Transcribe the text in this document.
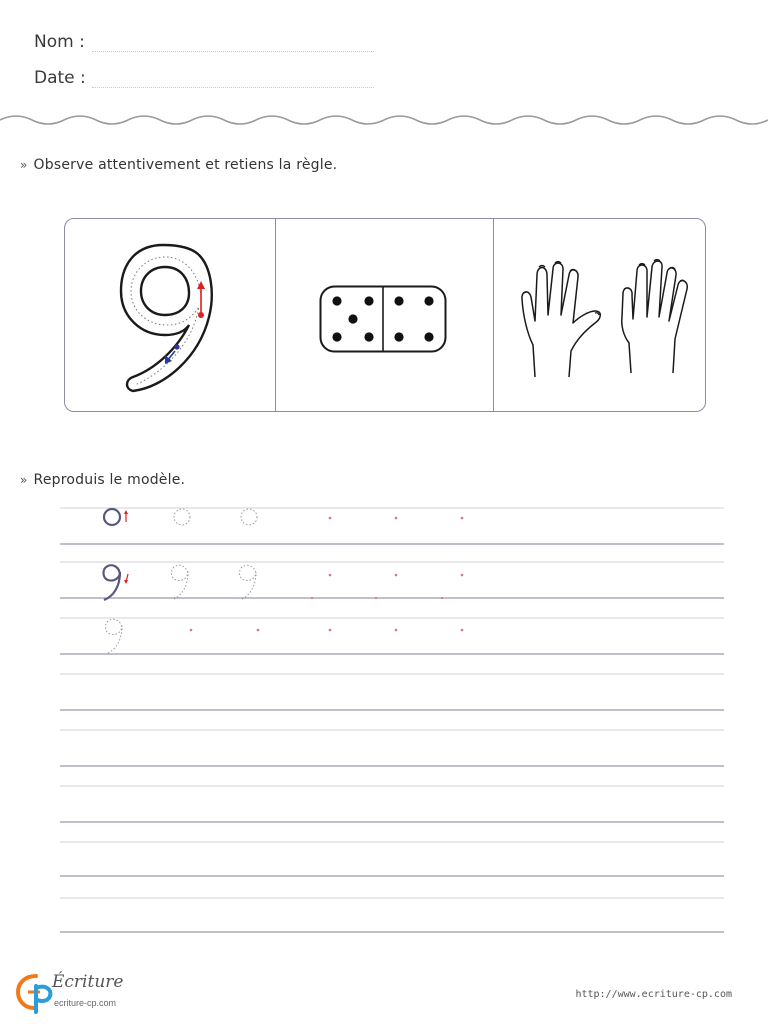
Nom :
Date :
» Observe attentivement et retiens la règle.
» Reproduis le modèle.
Écriture
ecriture-cp.com
http://www.ecriture-cp.com
